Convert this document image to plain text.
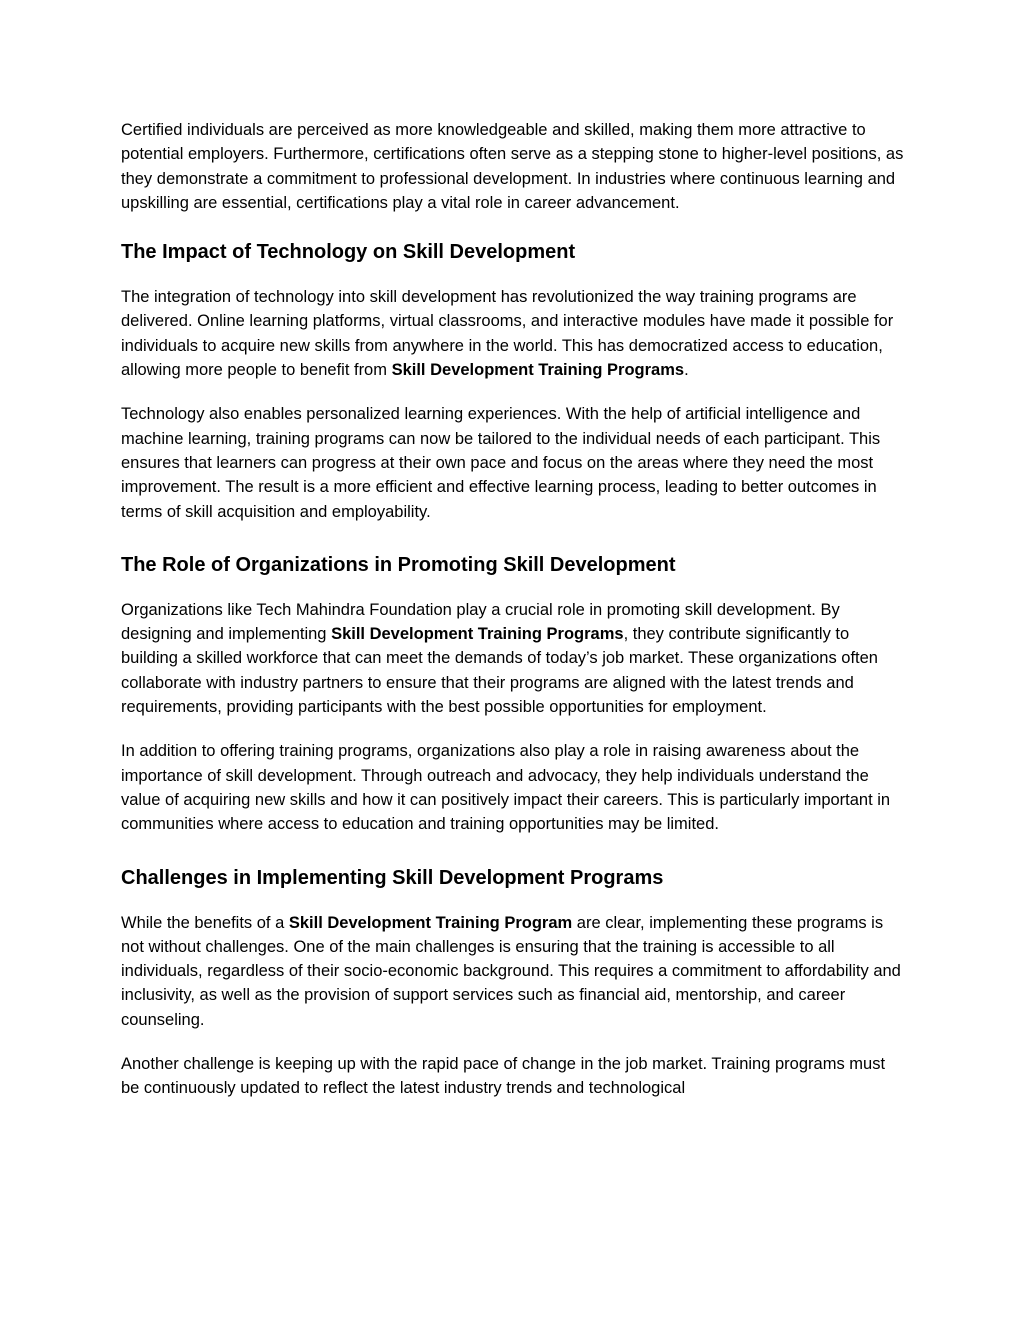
Certified individuals are perceived as more knowledgeable and skilled, making them more attractive to potential employers. Furthermore, certifications often serve as a stepping stone to higher-level positions, as they demonstrate a commitment to professional development. In industries where continuous learning and upskilling are essential, certifications play a vital role in career advancement.

The Impact of Technology on Skill Development

The integration of technology into skill development has revolutionized the way training programs are delivered. Online learning platforms, virtual classrooms, and interactive modules have made it possible for individuals to acquire new skills from anywhere in the world. This has democratized access to education, allowing more people to benefit from Skill Development Training Programs.

Technology also enables personalized learning experiences. With the help of artificial intelligence and machine learning, training programs can now be tailored to the individual needs of each participant. This ensures that learners can progress at their own pace and focus on the areas where they need the most improvement. The result is a more efficient and effective learning process, leading to better outcomes in terms of skill acquisition and employability.

The Role of Organizations in Promoting Skill Development

Organizations like Tech Mahindra Foundation play a crucial role in promoting skill development. By designing and implementing Skill Development Training Programs, they contribute significantly to building a skilled workforce that can meet the demands of today’s job market. These organizations often collaborate with industry partners to ensure that their programs are aligned with the latest trends and requirements, providing participants with the best possible opportunities for employment.

In addition to offering training programs, organizations also play a role in raising awareness about the importance of skill development. Through outreach and advocacy, they help individuals understand the value of acquiring new skills and how it can positively impact their careers. This is particularly important in communities where access to education and training opportunities may be limited.

Challenges in Implementing Skill Development Programs

While the benefits of a Skill Development Training Program are clear, implementing these programs is not without challenges. One of the main challenges is ensuring that the training is accessible to all individuals, regardless of their socio-economic background. This requires a commitment to affordability and inclusivity, as well as the provision of support services such as financial aid, mentorship, and career counseling.

Another challenge is keeping up with the rapid pace of change in the job market. Training programs must be continuously updated to reflect the latest industry trends and technological
